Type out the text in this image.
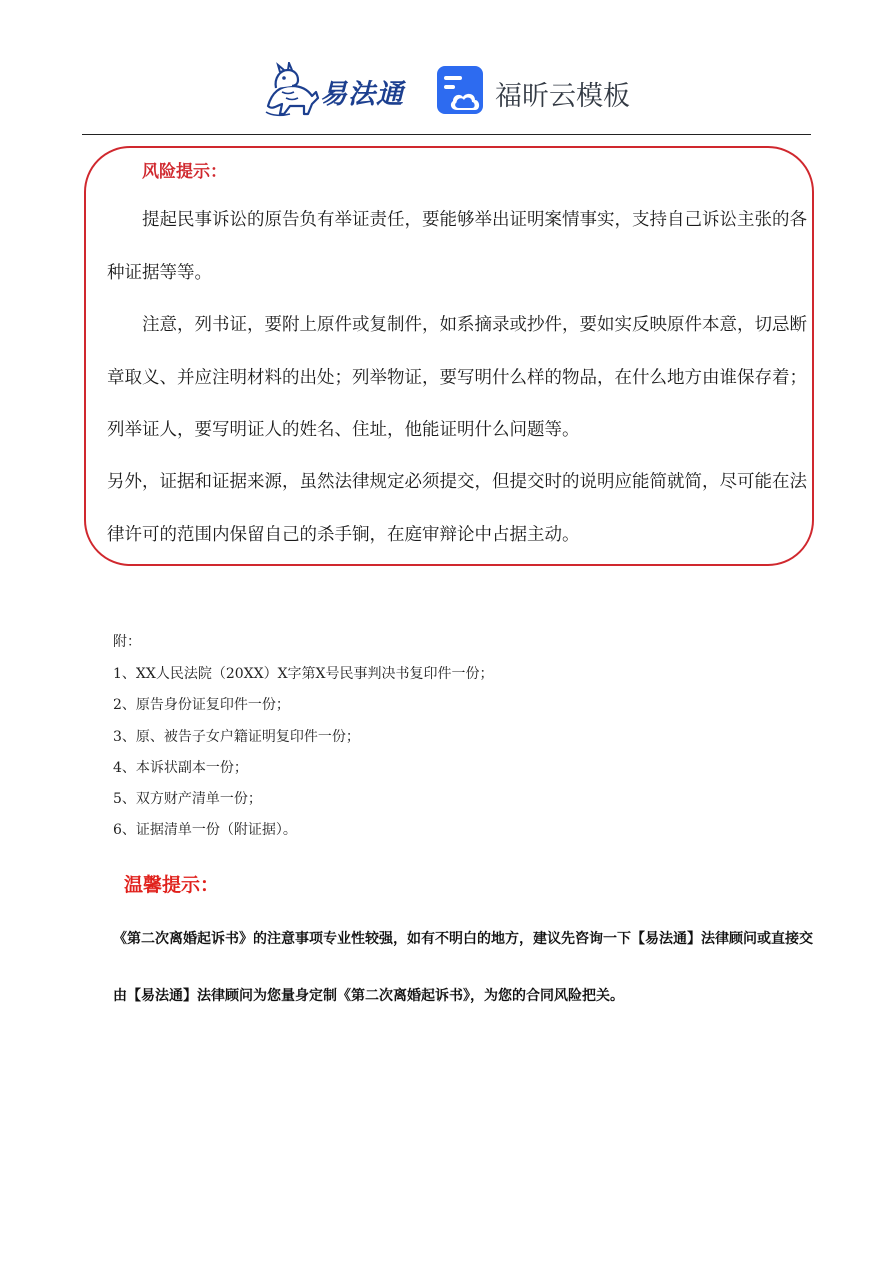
易法通	福昕云模板
风险提示：

提起民事诉讼的原告负有举证责任，要能够举出证明案情事实，支持自己诉讼主张的各种证据等等。

注意，列书证，要附上原件或复制件，如系摘录或抄件，要如实反映原件本意，切忌断章取义、并应注明材料的出处；列举物证，要写明什么样的物品，在什么地方由谁保存着；列举证人，要写明证人的姓名、住址，他能证明什么问题等。

另外，证据和证据来源，虽然法律规定必须提交，但提交时的说明应能简就简，尽可能在法律许可的范围内保留自己的杀手锏，在庭审辩论中占据主动。

附：
1、XX人民法院（20XX）X字第X号民事判决书复印件一份；
2、原告身份证复印件一份；
3、原、被告子女户籍证明复印件一份；
4、本诉状副本一份；
5、双方财产清单一份；
6、证据清单一份（附证据）。
温馨提示：

《第二次离婚起诉书》的注意事项专业性较强，如有不明白的地方，建议先咨询一下【易法通】法律顾问或直接交由【易法通】法律顾问为您量身定制《第二次离婚起诉书》，为您的合同风险把关。
